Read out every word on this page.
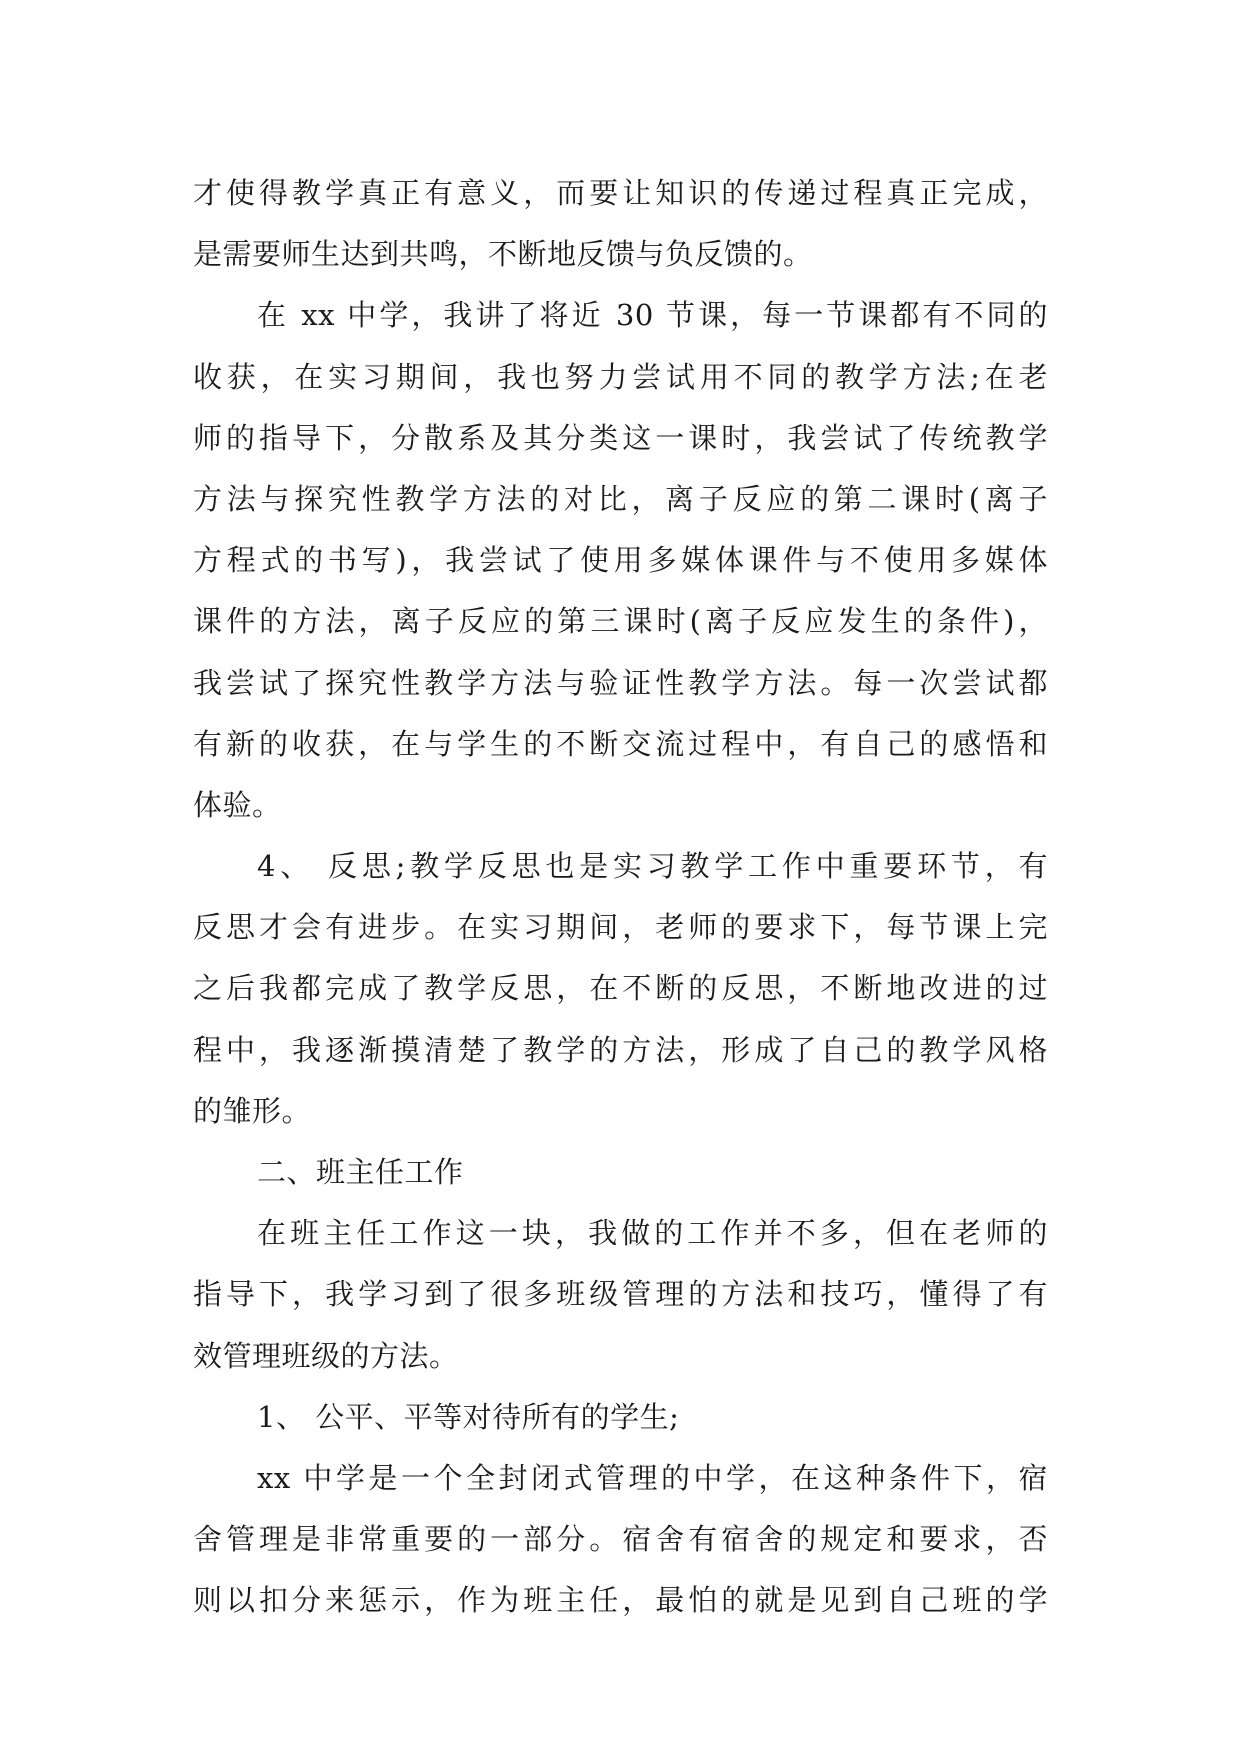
才使得教学真正有意义，而要让知识的传递过程真正完成，
是需要师生达到共鸣，不断地反馈与负反馈的。
在 xx 中学，我讲了将近 30 节课，每一节课都有不同的
收获，在实习期间，我也努力尝试用不同的教学方法;在老
师的指导下，分散系及其分类这一课时，我尝试了传统教学
方法与探究性教学方法的对比，离子反应的第二课时(离子
方程式的书写)，我尝试了使用多媒体课件与不使用多媒体
课件的方法，离子反应的第三课时(离子反应发生的条件)，
我尝试了探究性教学方法与验证性教学方法。每一次尝试都
有新的收获，在与学生的不断交流过程中，有自己的感悟和
体验。
4、 反思;教学反思也是实习教学工作中重要环节，有
反思才会有进步。在实习期间，老师的要求下，每节课上完
之后我都完成了教学反思，在不断的反思，不断地改进的过
程中，我逐渐摸清楚了教学的方法，形成了自己的教学风格
的雏形。
二、班主任工作
在班主任工作这一块，我做的工作并不多，但在老师的
指导下，我学习到了很多班级管理的方法和技巧，懂得了有
效管理班级的方法。
1、 公平、平等对待所有的学生;
xx 中学是一个全封闭式管理的中学，在这种条件下，宿
舍管理是非常重要的一部分。宿舍有宿舍的规定和要求，否
则以扣分来惩示，作为班主任，最怕的就是见到自己班的学
